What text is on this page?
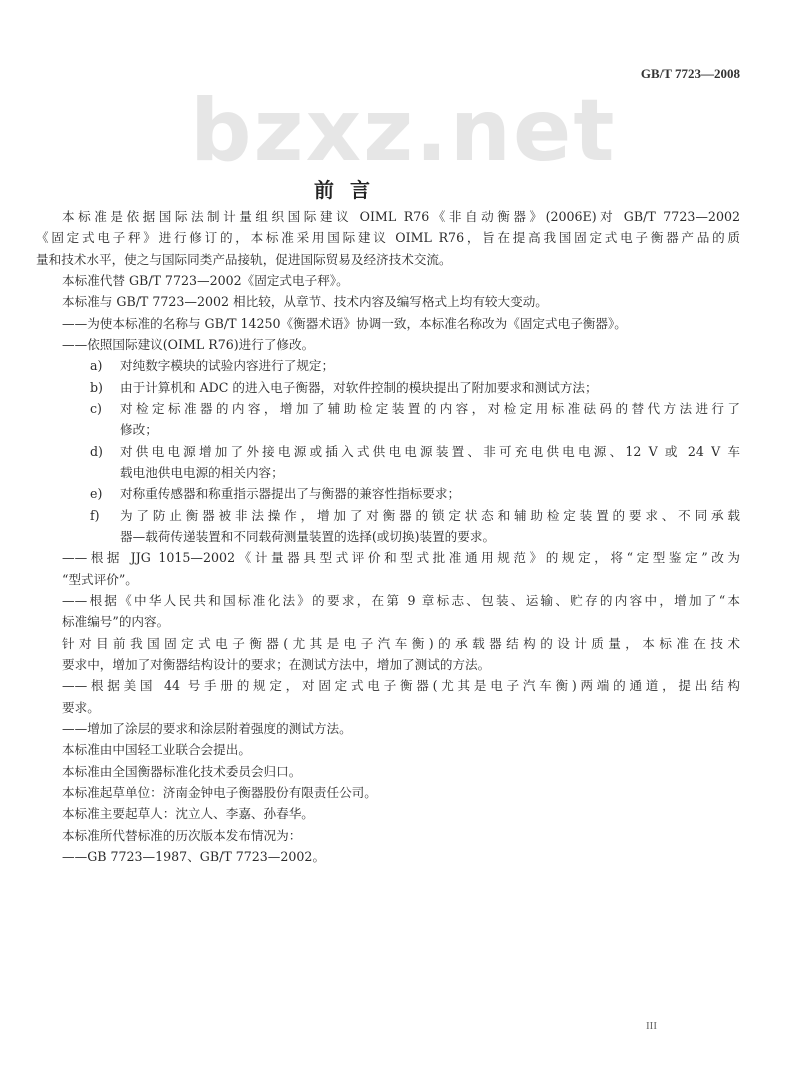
GB/T 7723—2008
bzxz.net
前言
本标准是依据国际法制计量组织国际建议 OIML R76《非自动衡器》(2006E)对 GB/T 7723—2002
《固定式电子秤》进行修订的，本标准采用国际建议 OIML R76，旨在提高我国固定式电子衡器产品的质
量和技术水平，使之与国际同类产品接轨，促进国际贸易及经济技术交流。
本标准代替 GB/T 7723—2002《固定式电子秤》。
本标准与 GB/T 7723—2002 相比较，从章节、技术内容及编写格式上均有较大变动。
——为使本标准的名称与 GB/T 14250《衡器术语》协调一致，本标准名称改为《固定式电子衡器》。
——依照国际建议(OIML R76)进行了修改。
a)	对纯数字模块的试验内容进行了规定；
b)	由于计算机和 ADC 的进入电子衡器，对软件控制的模块提出了附加要求和测试方法；
c)	对检定标准器的内容，增加了辅助检定装置的内容，对检定用标准砝码的替代方法进行了
修改；
d)	对供电电源增加了外接电源或插入式供电电源装置、非可充电供电电源、12 V 或 24 V 车
载电池供电电源的相关内容；
e)	对称重传感器和称重指示器提出了与衡器的兼容性指标要求；
f)	为了防止衡器被非法操作，增加了对衡器的锁定状态和辅助检定装置的要求、不同承载
器—载荷传递装置和不同载荷测量装置的选择(或切换)装置的要求。
——根据 JJG 1015—2002《计量器具型式评价和型式批准通用规范》的规定，将“定型鉴定”改为
“型式评价”。
——根据《中华人民共和国标准化法》的要求，在第 9 章标志、包装、运输、贮存的内容中，增加了“本
标准编号”的内容。
针对目前我国固定式电子衡器(尤其是电子汽车衡)的承载器结构的设计质量，本标准在技术
要求中，增加了对衡器结构设计的要求；在测试方法中，增加了测试的方法。
——根据美国 44 号手册的规定，对固定式电子衡器(尤其是电子汽车衡)两端的通道，提出结构
要求。
——增加了涂层的要求和涂层附着强度的测试方法。
本标准由中国轻工业联合会提出。
本标准由全国衡器标准化技术委员会归口。
本标准起草单位：济南金钟电子衡器股份有限责任公司。
本标准主要起草人：沈立人、李嘉、孙春华。
本标准所代替标准的历次版本发布情况为：
——GB 7723—1987、GB/T 7723—2002。
III
